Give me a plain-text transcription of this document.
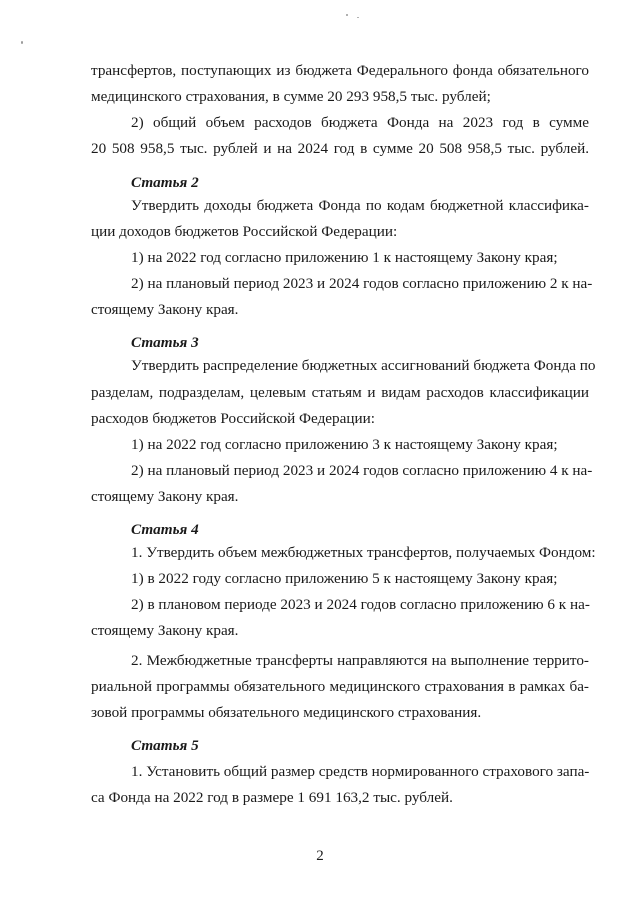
трансфертов, поступающих из бюджета Федерального фонда обязательного
медицинского страхования, в сумме 20 293 958,5 тыс. рублей;
2) общий объем расходов бюджета Фонда на 2023 год в сумме
20 508 958,5 тыс. рублей и на 2024 год в сумме 20 508 958,5 тыс. рублей.
Статья 2
Утвердить доходы бюджета Фонда по кодам бюджетной классифика-
ции доходов бюджетов Российской Федерации:
1) на 2022 год согласно приложению 1 к настоящему Закону края;
2) на плановый период 2023 и 2024 годов согласно приложению 2 к на-
стоящему Закону края.
Статья 3
Утвердить распределение бюджетных ассигнований бюджета Фонда по
разделам, подразделам, целевым статьям и видам расходов классификации
расходов бюджетов Российской Федерации:
1) на 2022 год согласно приложению 3 к настоящему Закону края;
2) на плановый период 2023 и 2024 годов согласно приложению 4 к на-
стоящему Закону края.
Статья 4
1. Утвердить объем межбюджетных трансфертов, получаемых Фондом:
1) в 2022 году согласно приложению 5 к настоящему Закону края;
2) в плановом периоде 2023 и 2024 годов согласно приложению 6 к на-
стоящему Закону края.
2. Межбюджетные трансферты направляются на выполнение террито-
риальной программы обязательного медицинского страхования в рамках ба-
зовой программы обязательного медицинского страхования.
Статья 5
1. Установить общий размер средств нормированного страхового запа-
са Фонда на 2022 год в размере 1 691 163,2 тыс. рублей.
2
